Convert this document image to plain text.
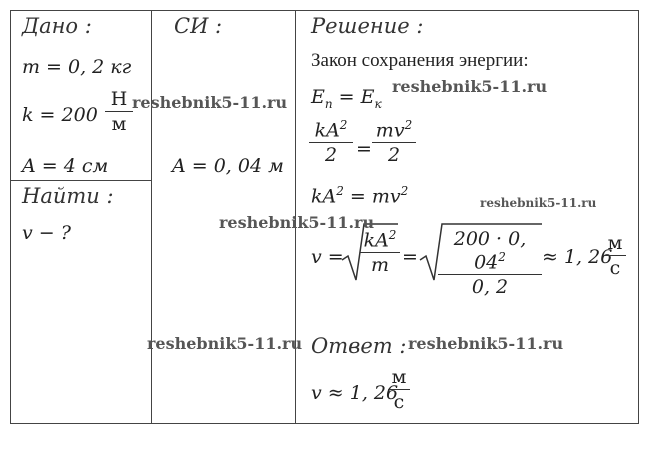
Дано :	СИ :	Решение :
m = 0, 2 кг
k = 200
Н
м
A = 4 см
Найти :
v − ?
A = 0, 04 м
Закон сохранения энергии:
$E_п = E_к$
$kA^2$
2 =
$mv^2$
2
$kA^2 = mv^2$
v =
$kA^2$
m =
200 · 0, $04^2$
0, 2
≈ 1, 26
м
с
Ответ :
v ≈ 1, 26
м
с
reshebnik5-11.ru
reshebnik5-11.ru
reshebnik5-11.ru
reshebnik5-11.ru
reshebnik5-11.ru	reshebnik5-11.ru
